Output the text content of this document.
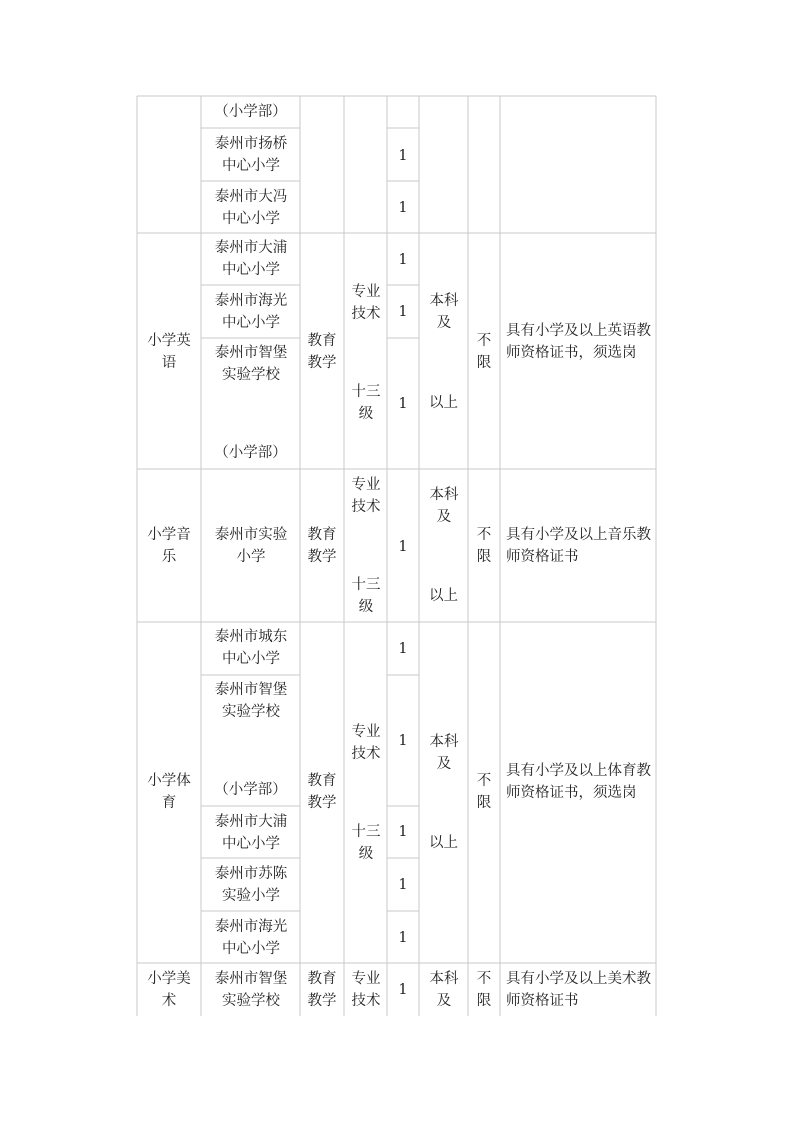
（小学部）
泰州市扬桥中心小学
1
泰州市大冯中心小学
1
小学英语
泰州市大浦中心小学
泰州市海光中心小学
泰州市智堡实验学校
（小学部）
教育教学
专业技术
十三级
1
1
1
本科及
以上
不限
具有小学及以上英语教师资格证书，须选岗
小学音乐
泰州市实验小学
教育教学
专业技术
十三级
1
本科及
以上
不限
具有小学及以上音乐教师资格证书
小学体育
泰州市城东中心小学
泰州市智堡实验学校
（小学部）
泰州市大浦中心小学
泰州市苏陈实验小学
泰州市海光中心小学
教育教学
专业技术
十三级
1
1
1
1
1
本科及
以上
不限
具有小学及以上体育教师资格证书，须选岗
小学美术
泰州市智堡实验学校
教育教学
专业技术
1
本科及
不限
具有小学及以上美术教师资格证书
